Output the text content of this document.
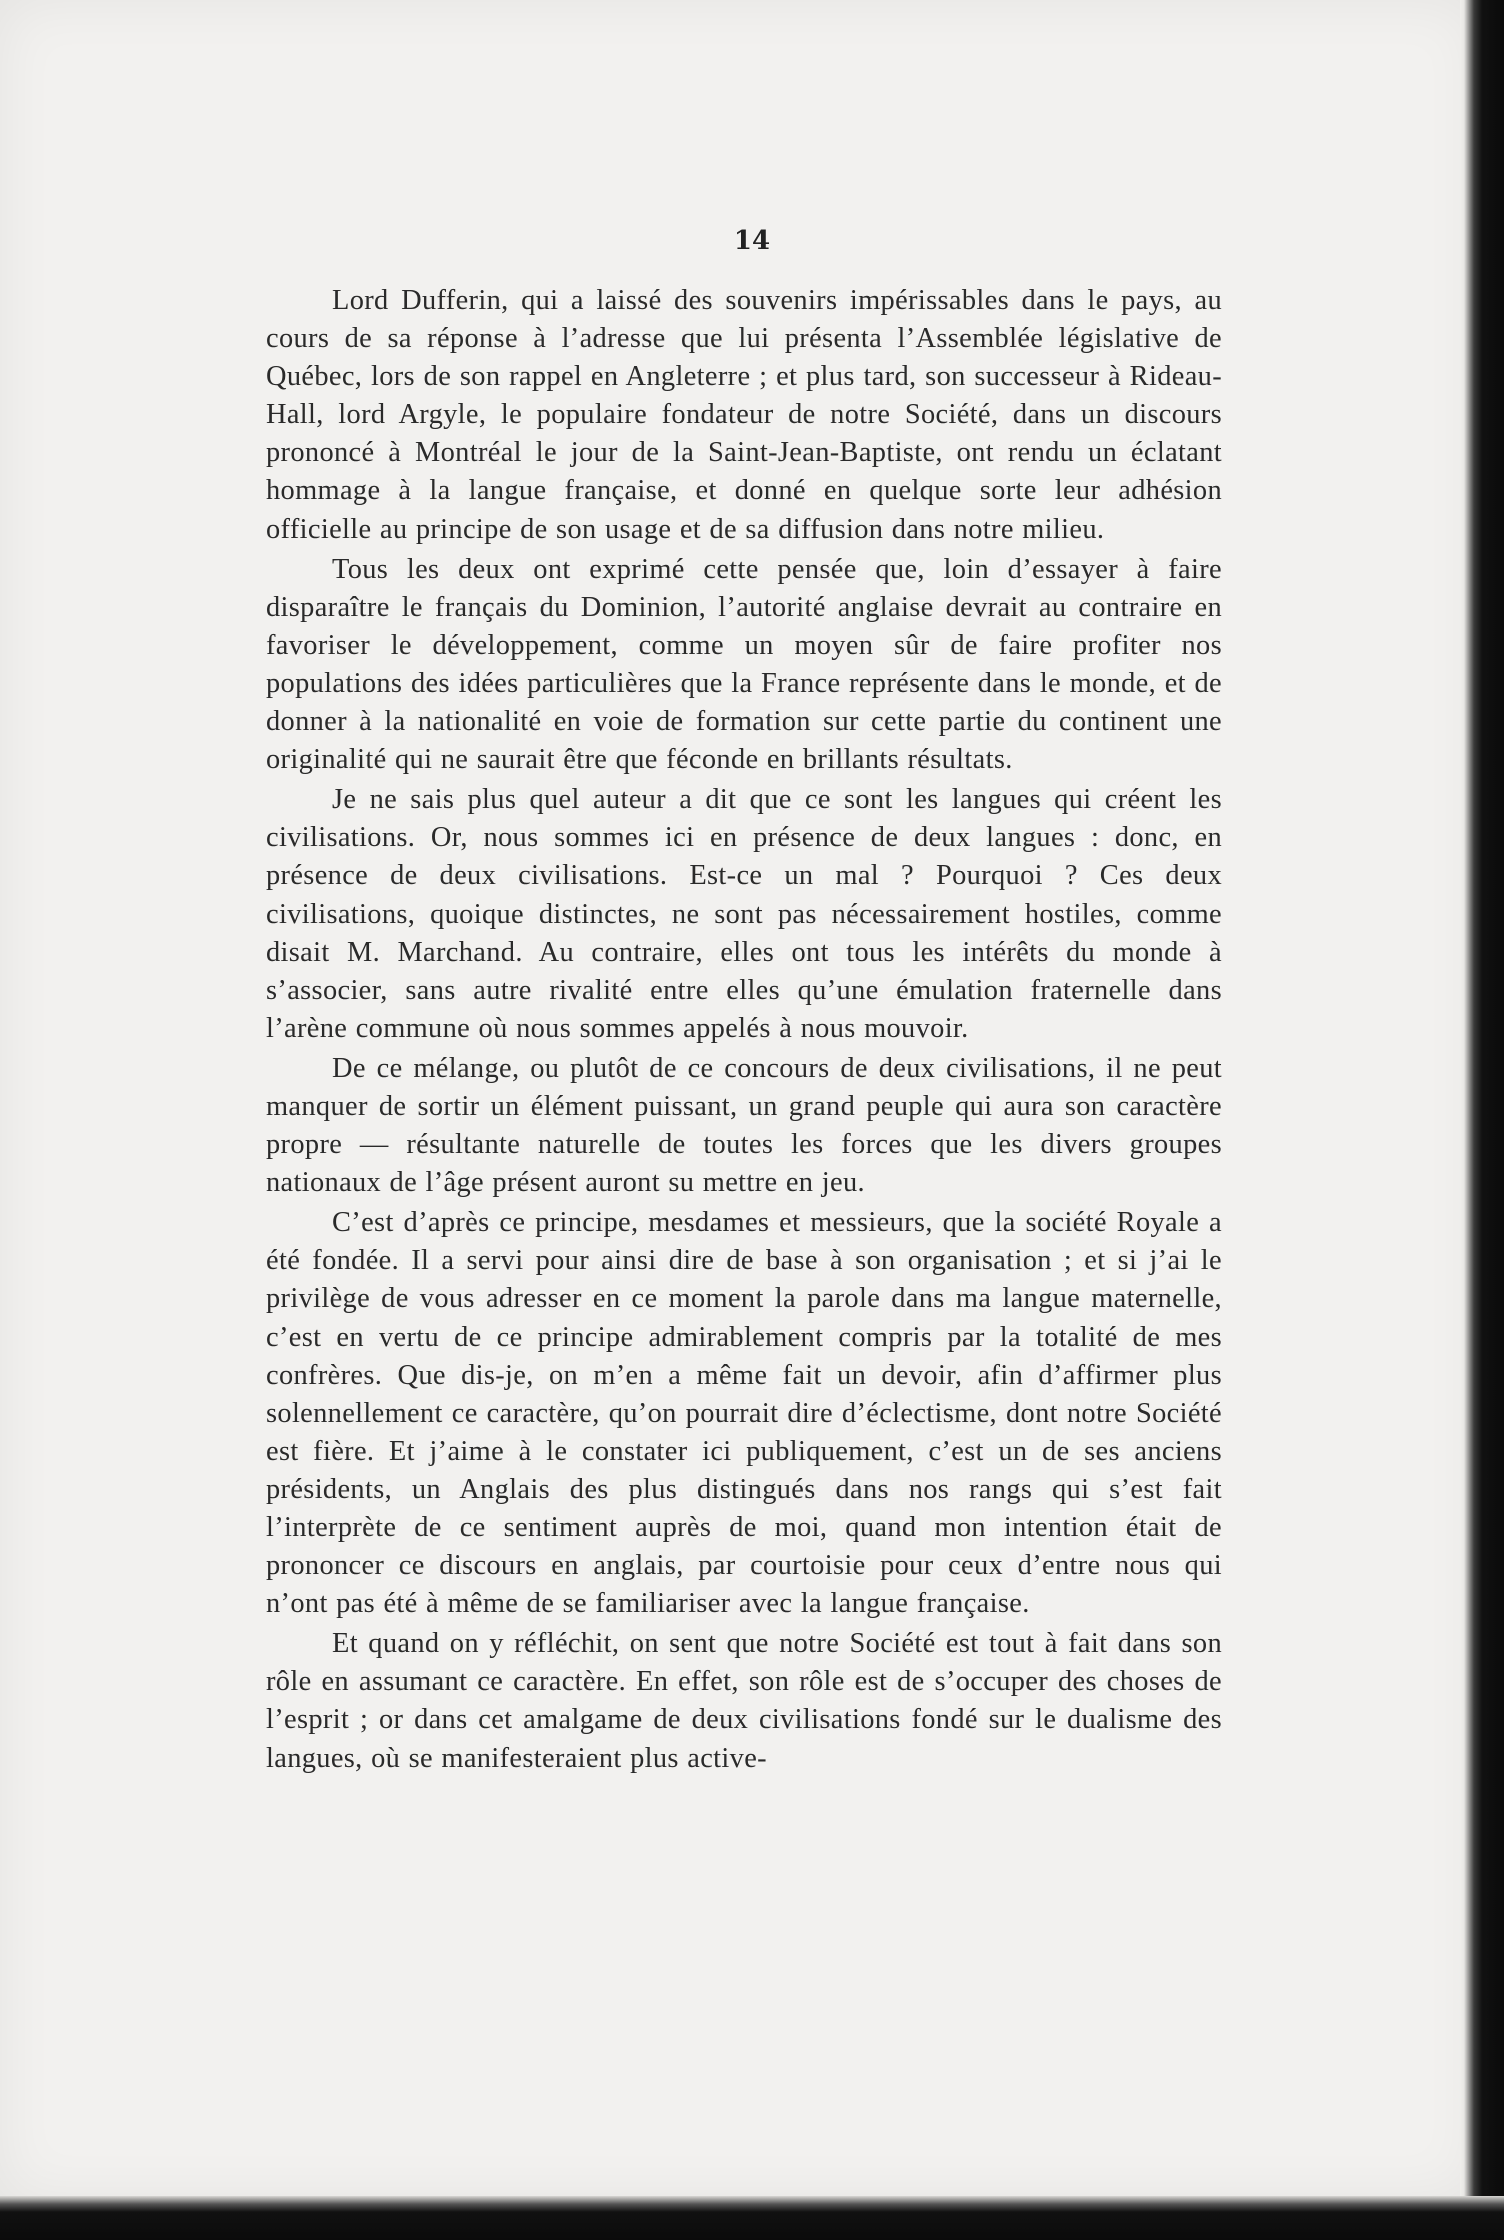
14

Lord Dufferin, qui a laissé des souvenirs impérissables dans le pays, au cours de sa réponse à l’adresse que lui présenta l’Assemblée législative de Québec, lors de son rappel en Angleterre ; et plus tard, son successeur à Rideau-Hall, lord Argyle, le populaire fondateur de notre Société, dans un discours prononcé à Montréal le jour de la Saint-Jean-Baptiste, ont rendu un éclatant hommage à la langue française, et donné en quelque sorte leur adhésion officielle au principe de son usage et de sa diffusion dans notre milieu.

Tous les deux ont exprimé cette pensée que, loin d’essayer à faire disparaître le français du Dominion, l’autorité anglaise devrait au contraire en favoriser le développement, comme un moyen sûr de faire profiter nos populations des idées particulières que la France représente dans le monde, et de donner à la nationalité en voie de formation sur cette partie du continent une originalité qui ne saurait être que féconde en brillants résultats.

Je ne sais plus quel auteur a dit que ce sont les langues qui créent les civilisations. Or, nous sommes ici en présence de deux langues : donc, en présence de deux civilisations. Est-ce un mal ? Pourquoi ? Ces deux civilisations, quoique distinctes, ne sont pas nécessairement hostiles, comme disait M. Marchand. Au contraire, elles ont tous les intérêts du monde à s’associer, sans autre rivalité entre elles qu’une émulation fraternelle dans l’arène commune où nous sommes appelés à nous mouvoir.

De ce mélange, ou plutôt de ce concours de deux civilisations, il ne peut manquer de sortir un élément puissant, un grand peuple qui aura son caractère propre — résultante naturelle de toutes les forces que les divers groupes nationaux de l’âge présent auront su mettre en jeu.

C’est d’après ce principe, mesdames et messieurs, que la société Royale a été fondée. Il a servi pour ainsi dire de base à son organisation ; et si j’ai le privilège de vous adresser en ce moment la parole dans ma langue maternelle, c’est en vertu de ce principe admirablement compris par la totalité de mes confrères. Que dis-je, on m’en a même fait un devoir, afin d’affirmer plus solennellement ce caractère, qu’on pourrait dire d’éclectisme, dont notre Société est fière. Et j’aime à le constater ici publiquement, c’est un de ses anciens présidents, un Anglais des plus distingués dans nos rangs qui s’est fait l’interprète de ce sentiment auprès de moi, quand mon intention était de prononcer ce discours en anglais, par courtoisie pour ceux d’entre nous qui n’ont pas été à même de se familiariser avec la langue française.

Et quand on y réfléchit, on sent que notre Société est tout à fait dans son rôle en assumant ce caractère. En effet, son rôle est de s’occuper des choses de l’esprit ; or dans cet amalgame de deux civilisations fondé sur le dualisme des langues, où se manifesteraient plus active-
